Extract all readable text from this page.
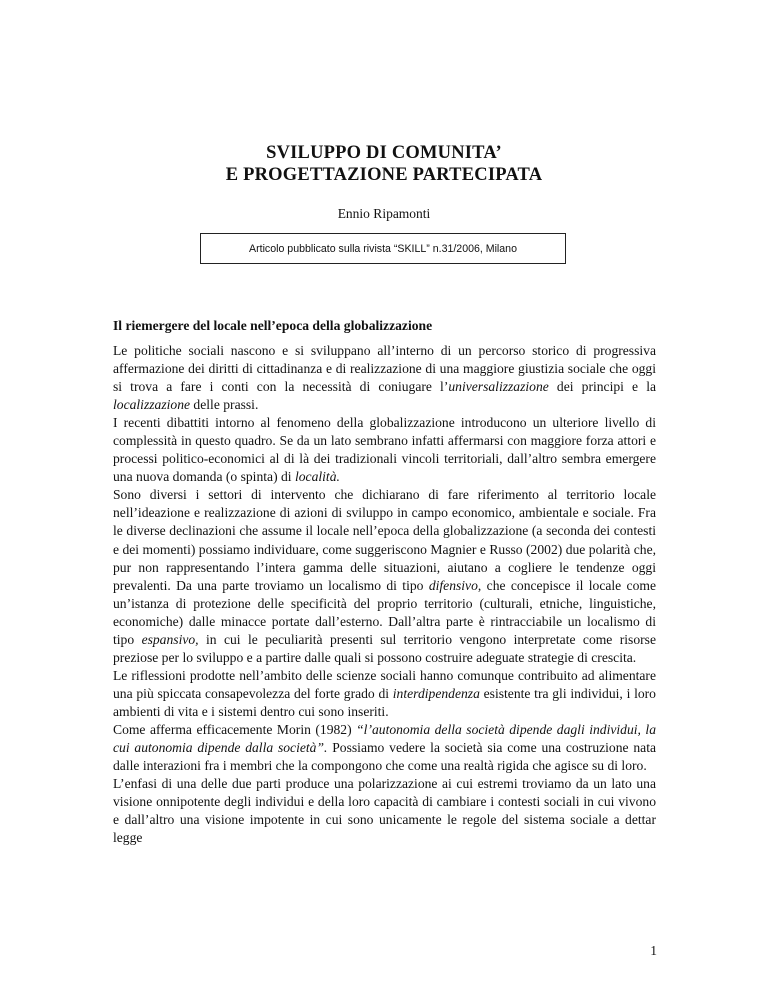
SVILUPPO DI COMUNITA’
E PROGETTAZIONE PARTECIPATA
Ennio Ripamonti
Articolo pubblicato sulla rivista “SKILL” n.31/2006, Milano
Il riemergere del locale nell’epoca della globalizzazione

Le politiche sociali nascono e si sviluppano all’interno di un percorso storico di progressiva affermazione dei diritti di cittadinanza e di realizzazione di una maggiore giustizia sociale che oggi si trova a fare i conti con la necessità di coniugare l’universalizzazione dei principi e la localizzazione delle prassi.

I recenti dibattiti intorno al fenomeno della globalizzazione introducono un ulteriore livello di complessità in questo quadro. Se da un lato sembrano infatti affermarsi con maggiore forza attori e processi politico-economici al di là dei tradizionali vincoli territoriali, dall’altro sembra emergere una nuova domanda (o spinta) di località.

Sono diversi i settori di intervento che dichiarano di fare riferimento al territorio locale nell’ideazione e realizzazione di azioni di sviluppo in campo economico, ambientale e sociale. Fra le diverse declinazioni che assume il locale nell’epoca della globalizzazione (a seconda dei contesti e dei momenti) possiamo individuare, come suggeriscono Magnier e Russo (2002) due polarità che, pur non rappresentando l’intera gamma delle situazioni, aiutano a cogliere le tendenze oggi prevalenti. Da una parte troviamo un localismo di tipo difensivo, che concepisce il locale come un’istanza di protezione delle specificità del proprio territorio (culturali, etniche, linguistiche, economiche) dalle minacce portate dall’esterno. Dall’altra parte è rintracciabile un localismo di tipo espansivo, in cui le peculiarità presenti sul territorio vengono interpretate come risorse preziose per lo sviluppo e a partire dalle quali si possono costruire adeguate strategie di crescita.

Le riflessioni prodotte nell’ambito delle scienze sociali hanno comunque contribuito ad alimentare una più spiccata consapevolezza del forte grado di interdipendenza esistente tra gli individui, i loro ambienti di vita e i sistemi dentro cui sono inseriti.

Come afferma efficacemente Morin (1982) “l’autonomia della società dipende dagli individui, la cui autonomia dipende dalla società”. Possiamo vedere la società sia come una costruzione nata dalle interazioni fra i membri che la compongono che come una realtà rigida che agisce su di loro.

L’enfasi di una delle due parti produce una polarizzazione ai cui estremi troviamo da un lato una visione onnipotente degli individui e della loro capacità di cambiare i contesti sociali in cui vivono e dall’altro una visione impotente in cui sono unicamente le regole del sistema sociale a dettar legge

1
